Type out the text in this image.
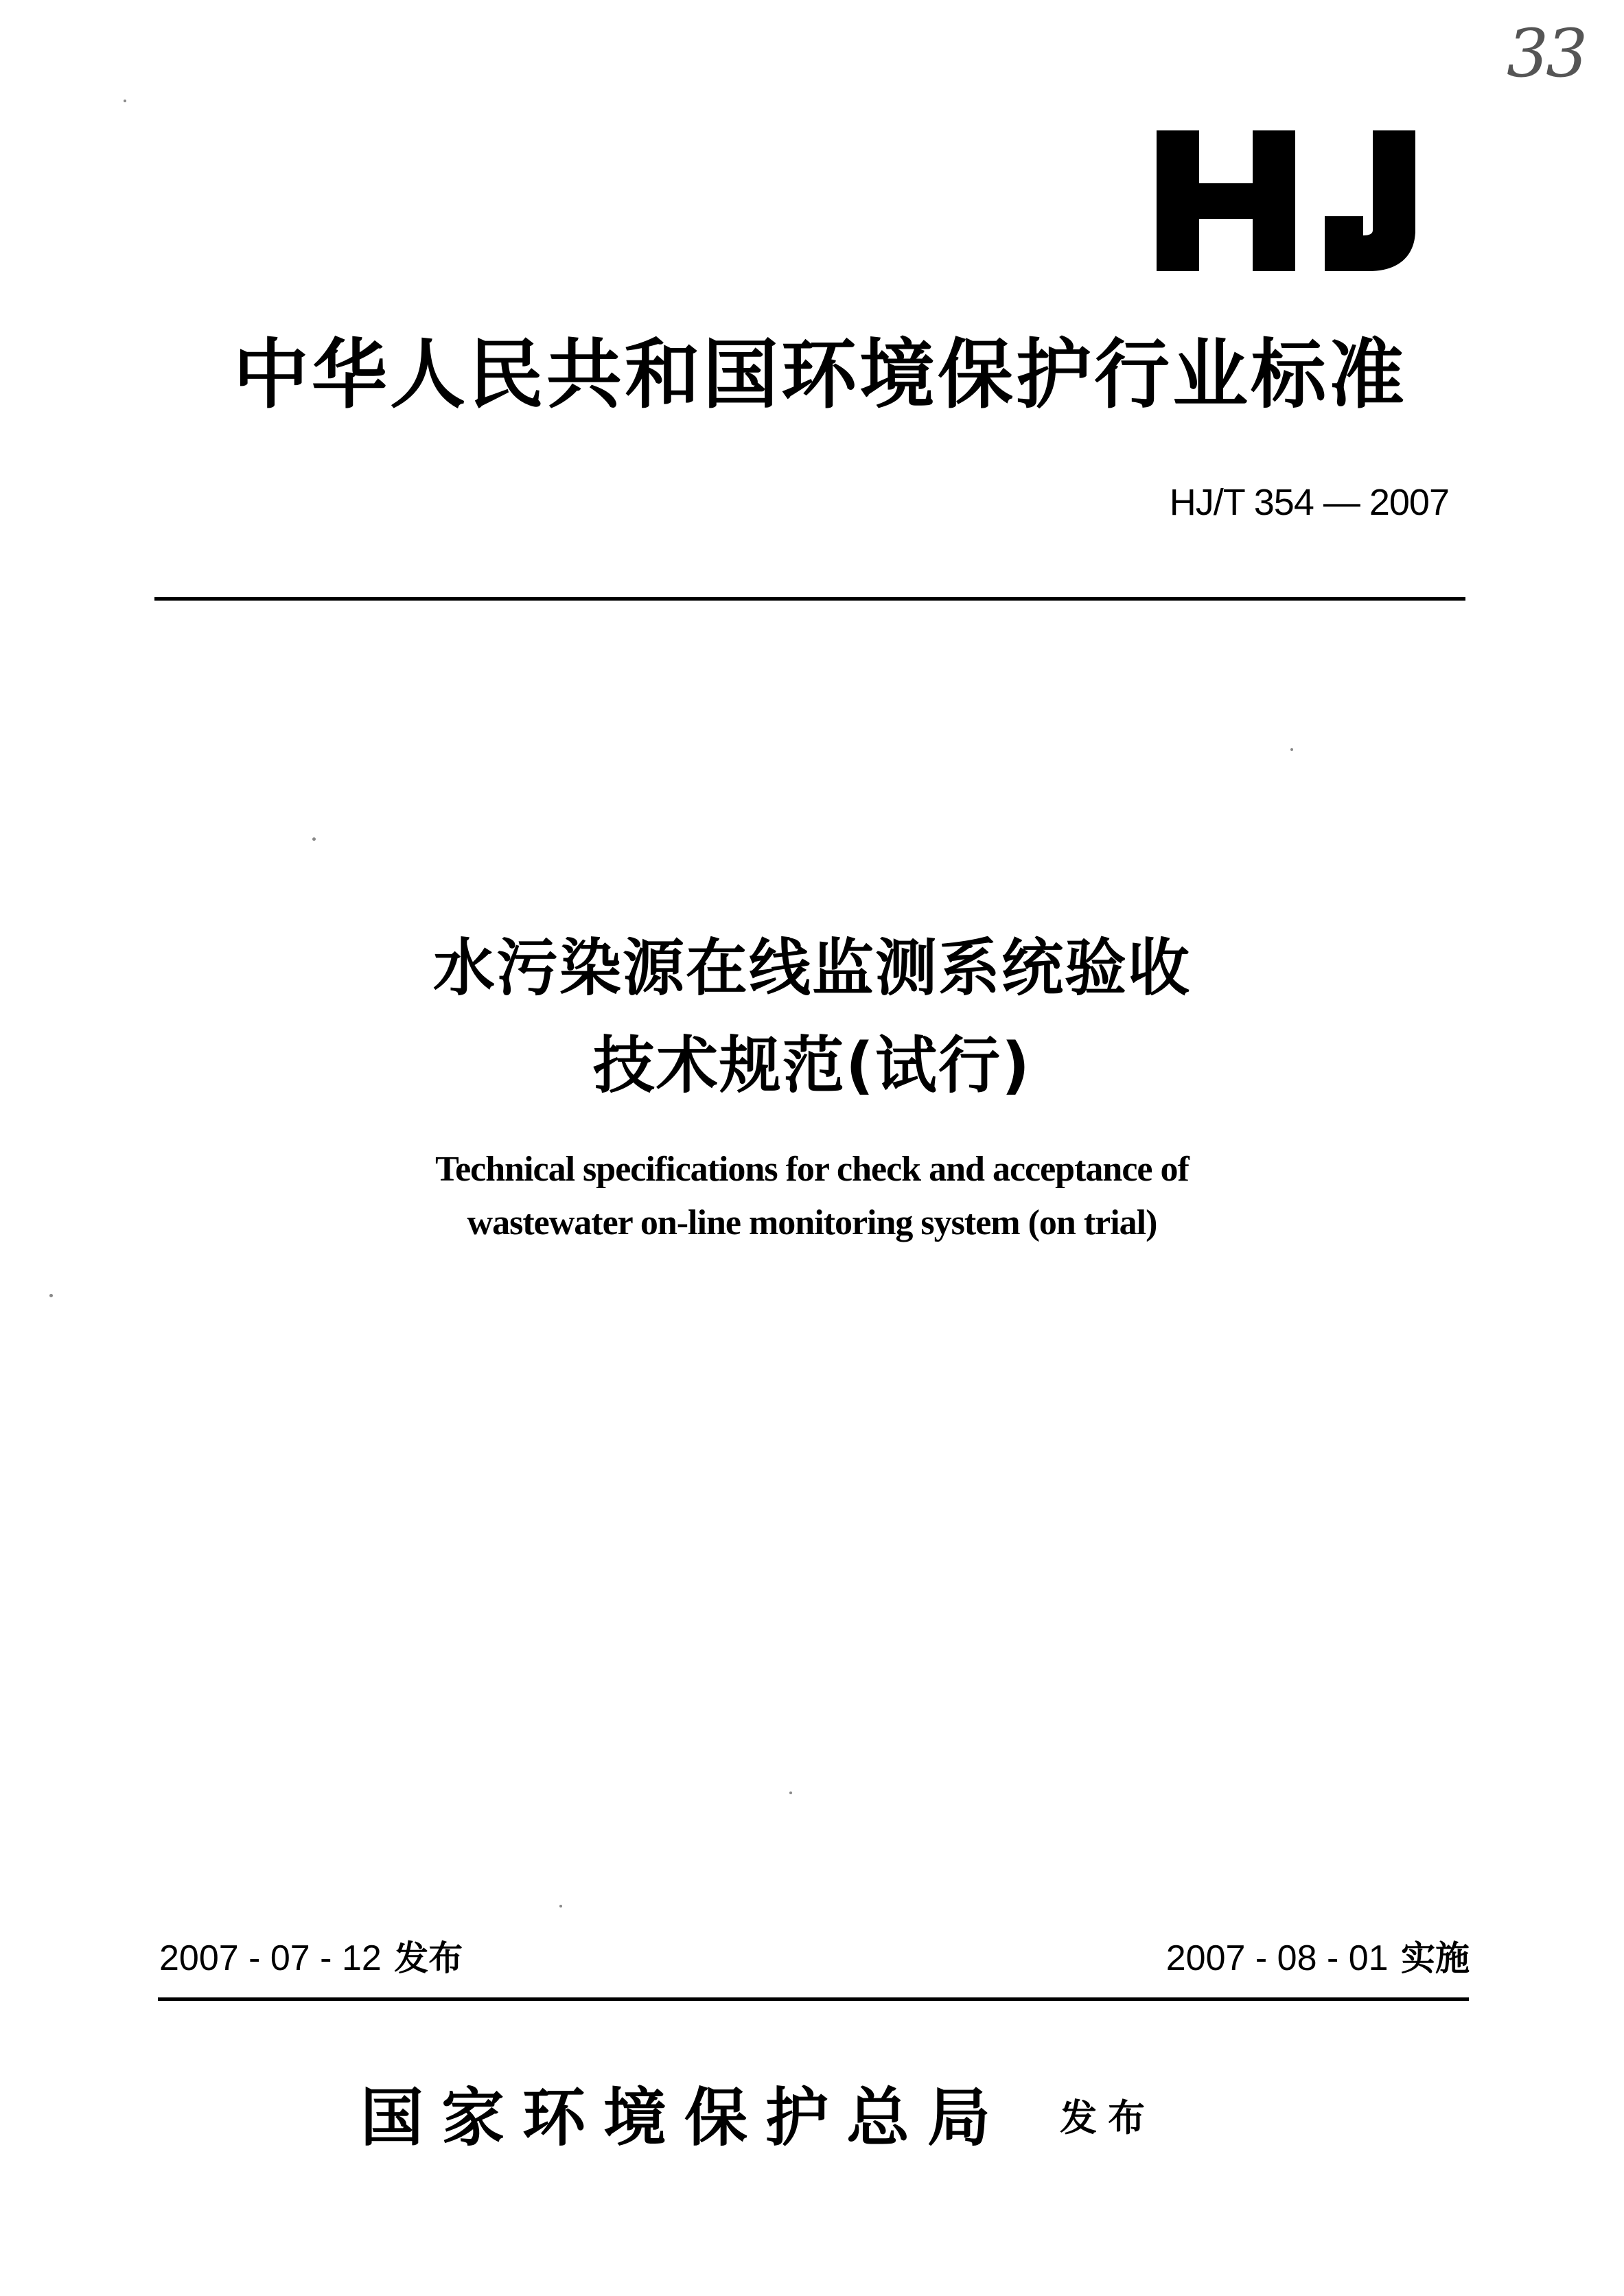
33
中华人民共和国环境保护行业标准
HJ/T 354 — 2007
水污染源在线监测系统验收
技术规范(试行)
Technical specifications for check and acceptance of
wastewater on-line monitoring system (on trial)
2007 - 07 - 12 发布	2007 - 08 - 01 实施
国家环境保护总局 发布
